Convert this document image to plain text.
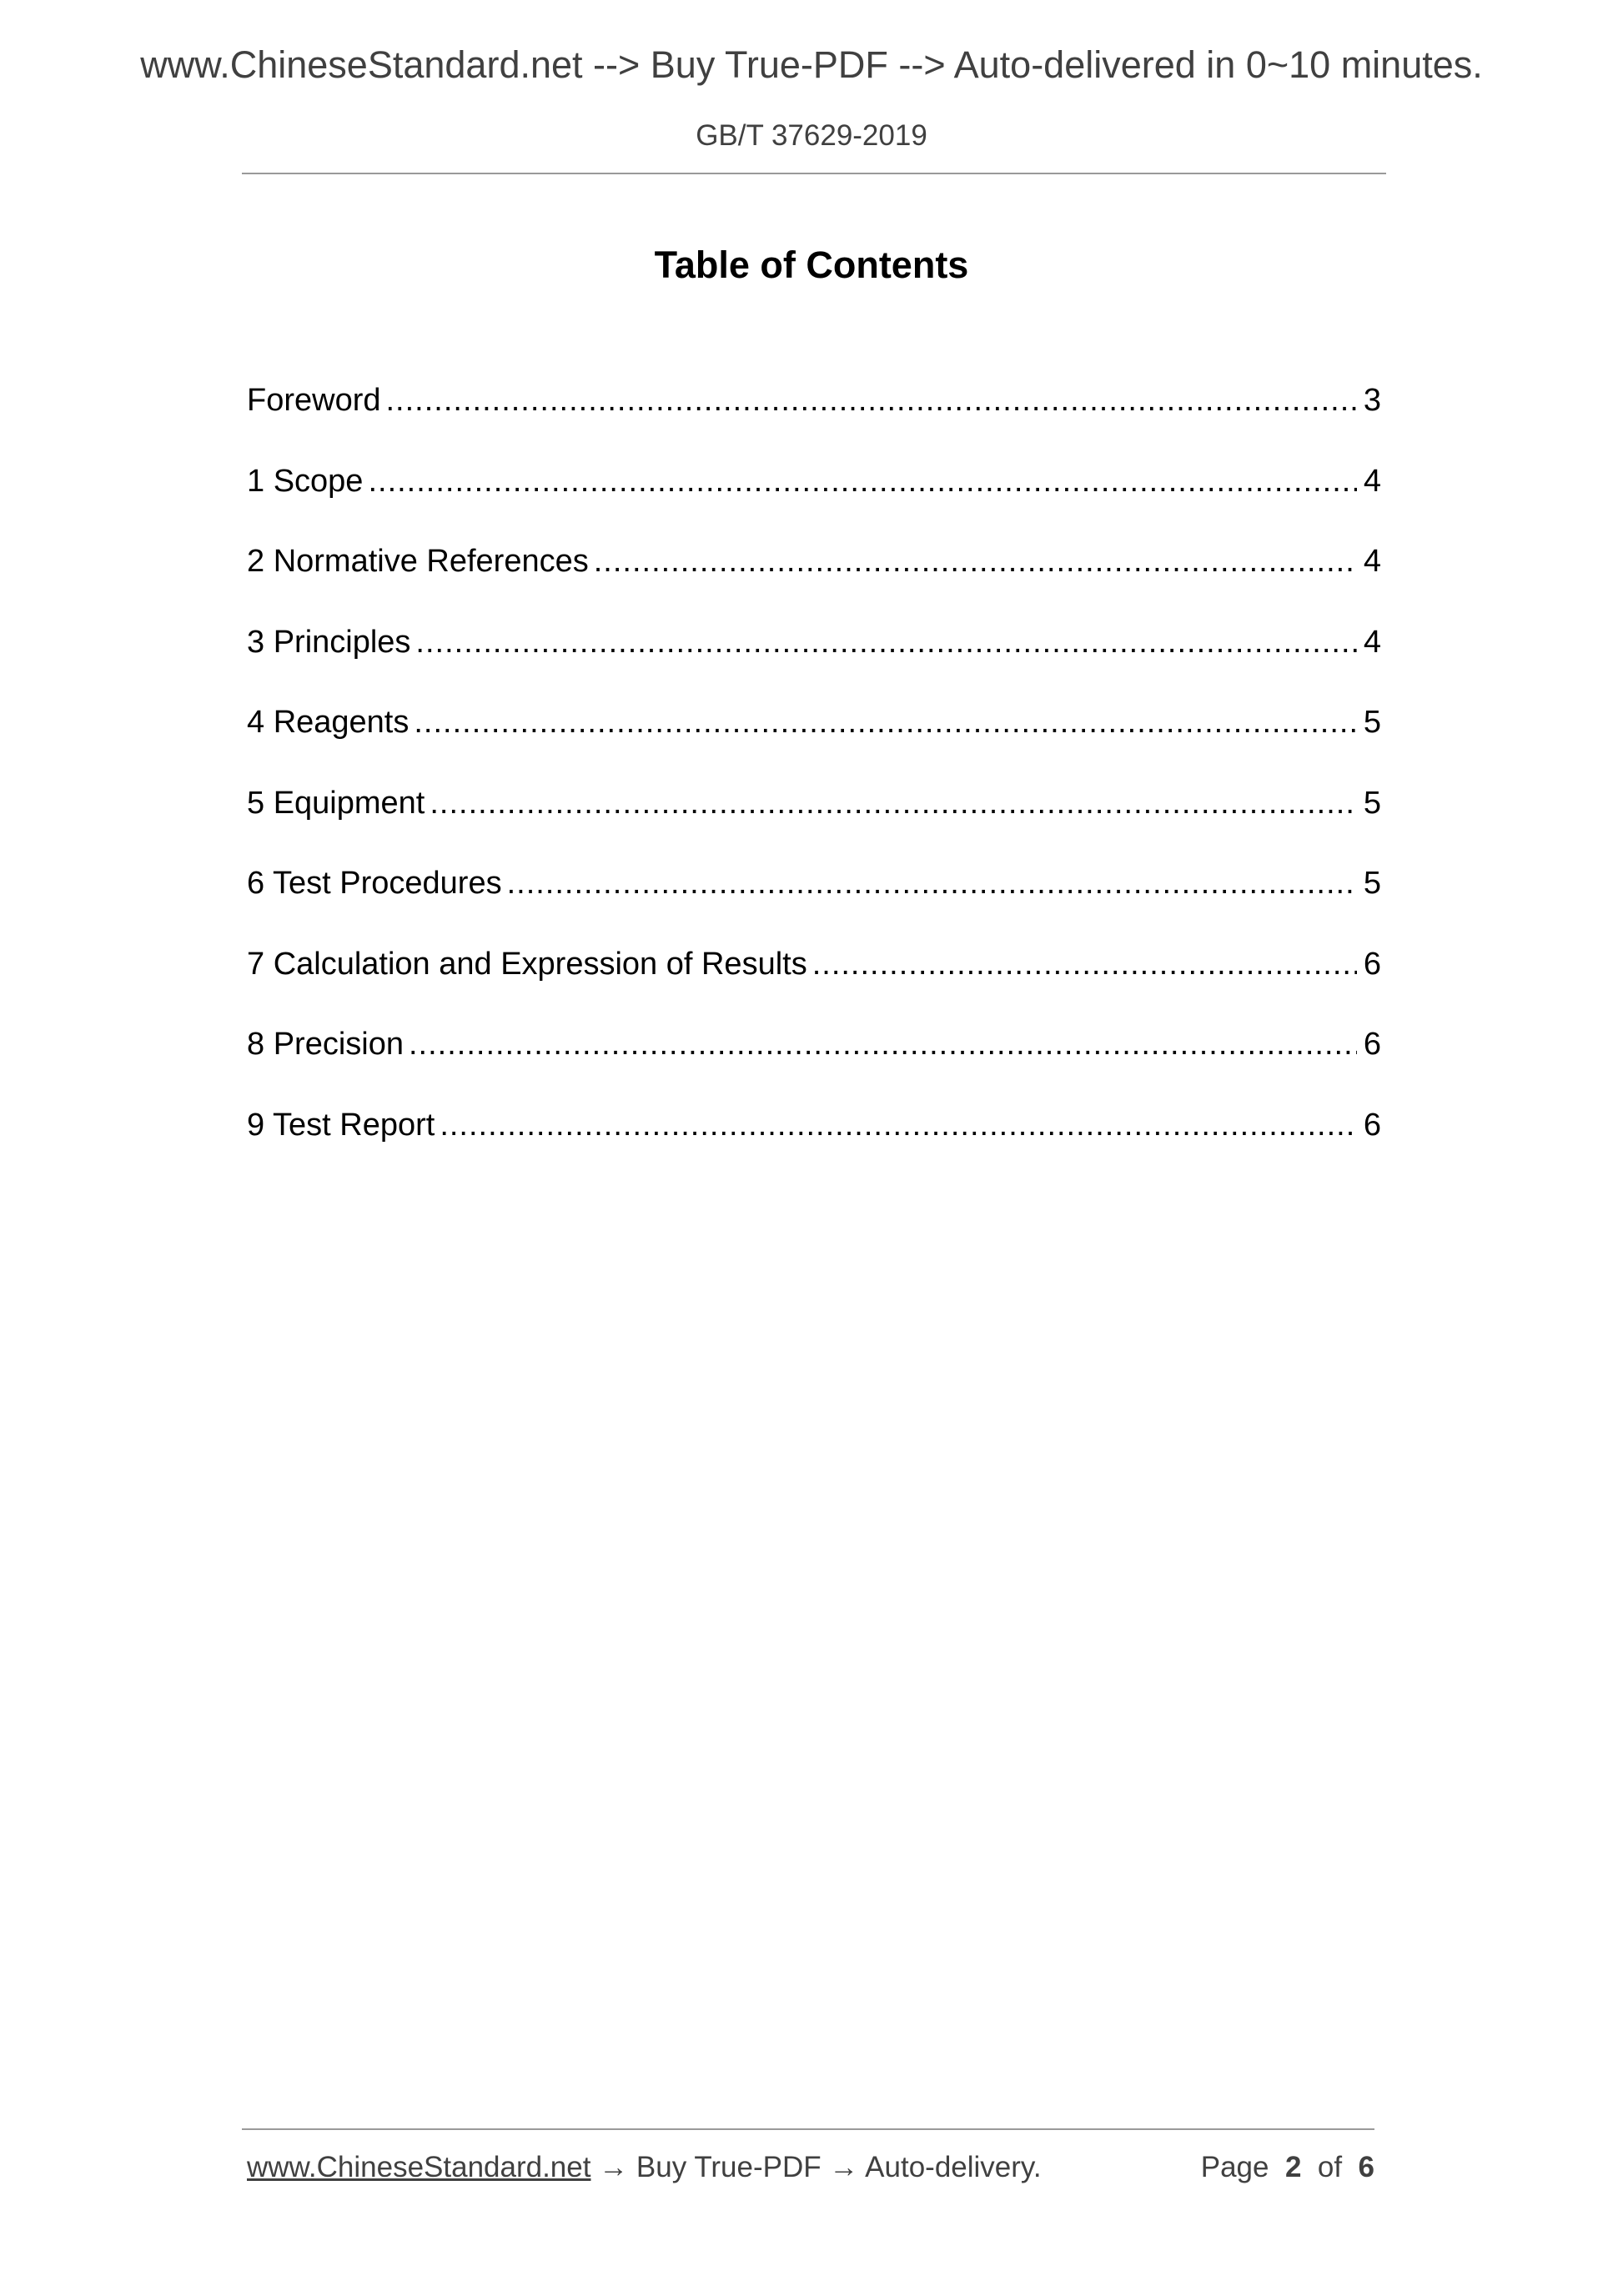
www.ChineseStandard.net --> Buy True-PDF --> Auto-delivered in 0~10 minutes.
GB/T 37629-2019
Table of Contents
Foreword .....	3
1 Scope .....	4
2 Normative References .....	4
3 Principles .....	4
4 Reagents .....	5
5 Equipment .....	5
6 Test Procedures .....	5
7 Calculation and Expression of Results .....	6
8 Precision .....	6
9 Test Report .....	6
www.ChineseStandard.net → Buy True-PDF → Auto-delivery.	Page 2 of 6
